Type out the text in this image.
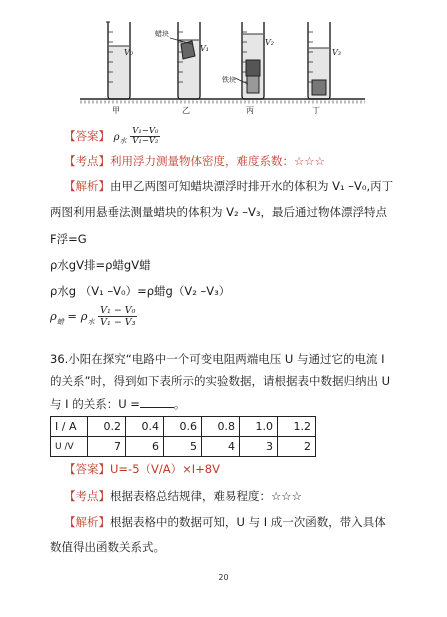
V₀
蜡块
V₁
V₂
铁块
V₃
甲	乙	丙	丁
【答案】 $\rho_水 \frac{\text{V₁−V₀}}{\text{V₁−V₂}}$
【考点】利用浮力测量物体密度，难度系数：☆☆☆
【解析】由甲乙两图可知蜡块漂浮时排开水的体积为 V₁ –V₀,丙丁
两图利用悬垂法测量蜡块的体积为 V₂ –V₃，最后通过物体漂浮特点
F浮=G
ρ水gV排=ρ蜡gV蜡
ρ水g （V₁ –V₀）=ρ蜡g（V₂ –V₃）
$\rho_蜡 = \rho_水 \frac{\text{V₁ − V₀}}{\text{V₁ − V₃}}$
36.小阳在探究“电路中一个可变电阻两端电压 U 与通过它的电流 I
的关系”时，得到如下表所示的实验数据，请根据表中数据归纳出 U
与 I 的关系：U =	。
I / A	0.2	0.4	0.6	0.8	1.0	1.2
U /V	7	6	5	4	3	2
【答案】U=-5（V/A）×I+8V
【考点】根据表格总结规律，难易程度：☆☆☆
【解析】根据表格中的数据可知，U 与 I 成一次函数，带入具体
数值得出函数关系式。
20
